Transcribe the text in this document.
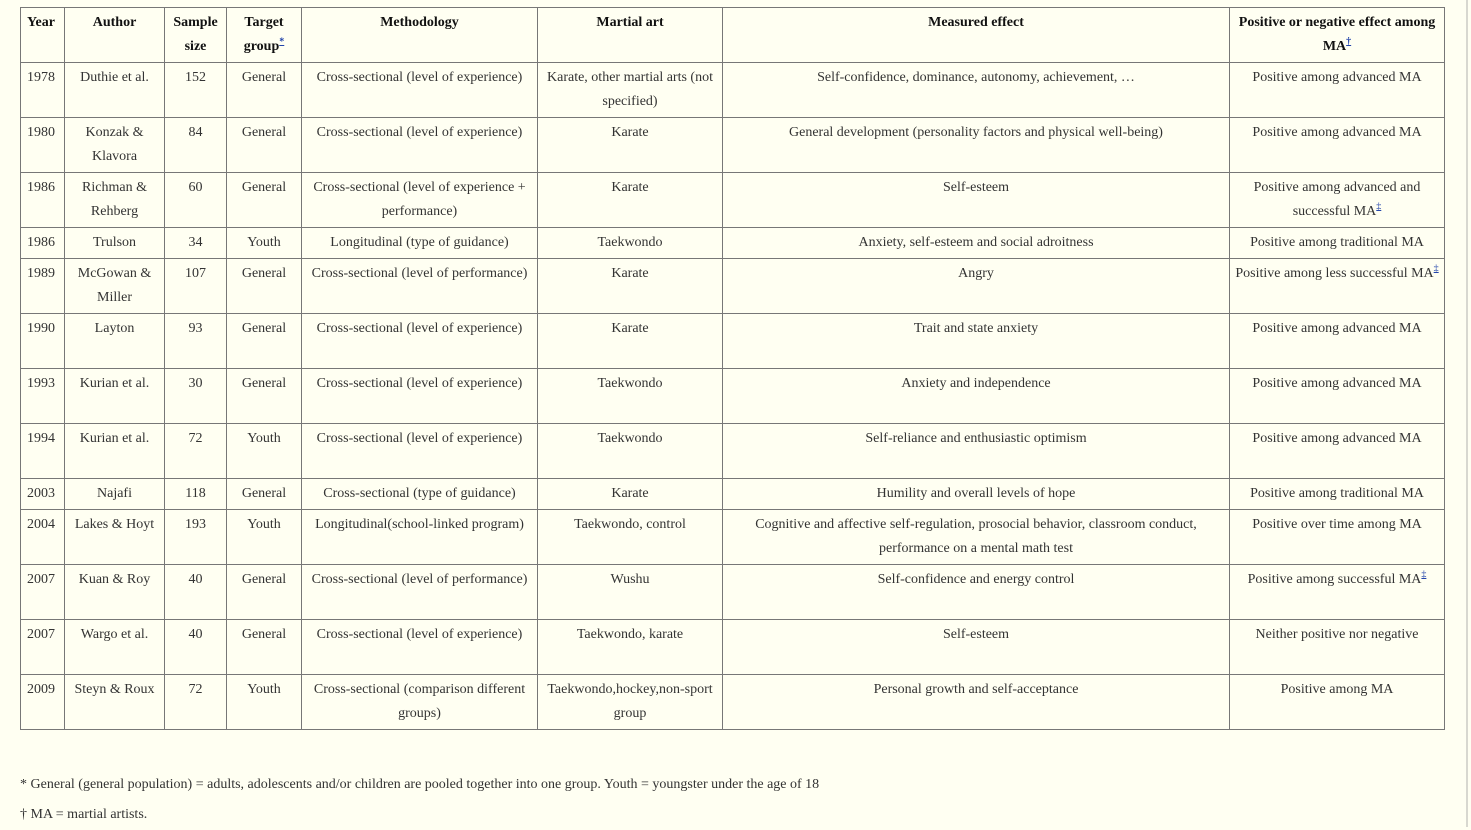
Year	Author	Sample size	Target group*	Methodology	Martial art	Measured effect	Positive or negative effect among MA†
1978	Duthie et al.	152	General	Cross-sectional (level of experience)	Karate, other martial arts (not specified)	Self-confidence, dominance, autonomy, achievement, …	Positive among advanced MA
1980	Konzak & Klavora	84	General	Cross-sectional (level of experience)	Karate	General development (personality factors and physical well-being)	Positive among advanced MA
1986	Richman & Rehberg	60	General	Cross-sectional (level of experience + performance)	Karate	Self-esteem	Positive among advanced and successful MA‡
1986	Trulson	34	Youth	Longitudinal (type of guidance)	Taekwondo	Anxiety, self-esteem and social adroitness	Positive among traditional MA
1989	McGowan & Miller	107	General	Cross-sectional (level of performance)	Karate	Angry	Positive among less successful MA‡
1990	Layton	93	General	Cross-sectional (level of experience)	Karate	Trait and state anxiety	Positive among advanced MA
1993	Kurian et al.	30	General	Cross-sectional (level of experience)	Taekwondo	Anxiety and independence	Positive among advanced MA
1994	Kurian et al.	72	Youth	Cross-sectional (level of experience)	Taekwondo	Self-reliance and enthusiastic optimism	Positive among advanced MA
2003	Najafi	118	General	Cross-sectional (type of guidance)	Karate	Humility and overall levels of hope	Positive among traditional MA
2004	Lakes & Hoyt	193	Youth	Longitudinal(school-linked program)	Taekwondo, control	Cognitive and affective self-regulation, prosocial behavior, classroom conduct, performance on a mental math test	Positive over time among MA
2007	Kuan & Roy	40	General	Cross-sectional (level of performance)	Wushu	Self-confidence and energy control	Positive among successful MA‡
2007	Wargo et al.	40	General	Cross-sectional (level of experience)	Taekwondo, karate	Self-esteem	Neither positive nor negative
2009	Steyn & Roux	72	Youth	Cross-sectional (comparison different groups)	Taekwondo,hockey,non-sport group	Personal growth and self-acceptance	Positive among MA
* General (general population) = adults, adolescents and/or children are pooled together into one group. Youth = youngster under the age of 18
† MA = martial artists.
